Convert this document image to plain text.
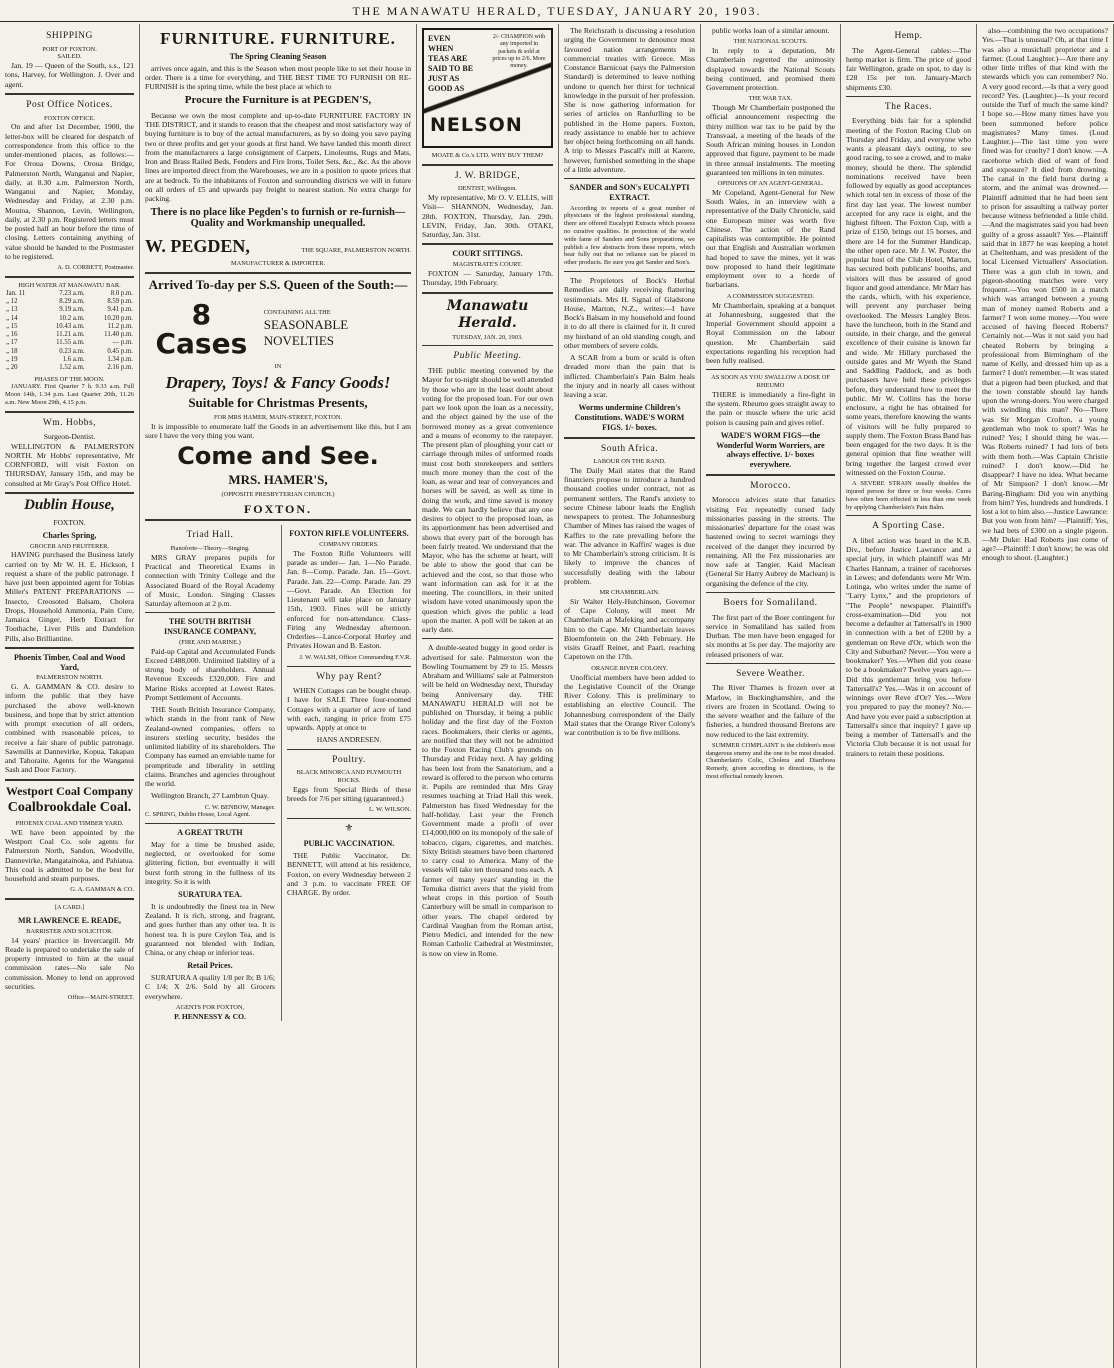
THE MANAWATU HERALD, TUESDAY, JANUARY 20, 1903.
SHIPPING
PORT OF FOXTON.
SAILED.

Jan. 19 — Queen of the South, s.s., 121 tons, Harvey, for Wellington. J. Over and agent.

Post Office Notices.
FOXTON OFFICE.

On and after 1st December, 1900, the letter-box will be cleared for despatch of correspondence from this office to the under-mentioned places, as follows:— For Oroua Downs, Oroua Bridge, Palmerston North, Wanganui and Napier, daily, at 8.30 a.m. Palmerston North, Wanganui and Napier, Monday, Wednesday and Friday, at 2.30 p.m. Moutoa, Shannon, Levin, Wellington, daily, at 2.30 p.m. Registered letters must be posted half an hour before the time of closing. Letters containing anything of value should be handed to the Postmaster to be registered.

A. D. CORBETT, Postmaster.
HIGH WATER AT MANAWATU BAR.
Jan. 11	7.23 a.m.	8.0 p.m.
„ 12	8.29 a.m.	8.59 p.m.
„ 13	9.19 a.m.	9.41 p.m.
„ 14	10.2 a.m.	10.20 p.m.
„ 15	10.43 a.m.	11.2 p.m.
„ 16	11.21 a.m.	11.40 p.m.
„ 17	11.55 a.m.	— p.m.
„ 18	0.23 a.m.	0.45 p.m.
„ 19	1.6 a.m.	1.34 p.m.
„ 20	1.52 a.m.	2.16 p.m.
PHASES OF THE MOON.

JANUARY. First Quarter 7 h. 9.33 a.m. Full Moon 14th, 1.34 p.m. Last Quarter 20th, 11.26 a.m. New Moon 29th, 4.15 p.m.

Wm. Hobbs,
Surgeon-Dentist.

WELLINGTON & PALMERSTON NORTH. Mr Hobbs' representative, Mr CORNFORD, will visit Foxton on THURSDAY, January 15th, and may be consulted at Mr Gray's Post Office Hotel.

Dublin House,
FOXTON.
Charles Spring,
GROCER AND FRUITERER.

HAVING purchased the Business lately carried on by Mr W. H. E. Hickson, I request a share of the public patronage. I have just been appointed agent for Tobias Miller's PATENT PREPARATIONS — Insecto, Creosoted Balsam, Cholera Drops, Household Ammonia, Pain Cure, Jamaica Ginger, Herb Extract for Toothache, Liver Pills and Dandelion Pills, also Brilliantine.

Phoenix Timber, Coal and Wood Yard,
PALMERSTON NORTH.

G. A. GAMMAN & CO. desire to inform the public that they have purchased the above well-known business, and hope that by strict attention with prompt execution of all orders, combined with reasonable prices, to receive a fair share of public patronage. Sawmills at Dannevirke, Kopua, Takapau and Tahoraite. Agents for the Wanganui Sash and Door Factory.

Westport Coal Company
Coalbrookdale Coal.
PHOENIX COAL AND TIMBER YARD.

WE have been appointed by the Westport Coal Co. sole agents for Palmerston North, Sandon, Woodville, Dannevirke, Mangatainoka, and Pahiatua. This coal is admitted to be the best for household and steam purposes.

G. A. GAMMAN & CO.
[A CARD.]
MR LAWRENCE E. READE,
BARRISTER AND SOLICITOR.

14 years' practice in Invercargill. Mr Reade is prepared to undertake the sale of property intrusted to him at the usual commission rates—No sale No commission. Money to lend on approved securities.

Office—MAIN-STREET.
FURNITURE. FURNITURE.
The Spring Cleaning Season

arrives once again, and this is the Season when most people like to set their house in order. There is a time for everything, and THE BEST TIME TO FURNISH OR RE-FURNISH is the spring time, while the best place at which to

Procure the Furniture is at PEGDEN'S,

Because we own the most complete and up-to-date FURNITURE FACTORY IN THE DISTRICT, and it stands to reason that the cheapest and most satisfactory way of buying furniture is to buy of the actual manufacturers, as by so doing you save paying two or three profits and get your goods at first hand. We have landed this month direct from the manufacturers a large consignment of Carpets, Linoleums, Rugs and Mats, Iron and Brass Railed Beds, Fenders and Fire Irons, Toilet Sets, &c., &c. As the above lines are imported direct from the Warehouses, we are in a position to quote prices that are at bedrock. To the inhabitants of Foxton and surrounding districts we will in future on all orders of £5 and upwards pay freight to nearest station. No extra charge for packing.

There is no place like Pegden's to furnish or re-furnish—Quality and Workmanship unequalled.
W. PEGDEN,	THE SQUARE, PALMERSTON NORTH.
MANUFACTURER & IMPORTER.
Arrived To-day per S.S. Queen of the South:—
8 Cases
CONTAINING ALL THE
SEASONABLE NOVELTIES
IN
Drapery, Toys! & Fancy Goods!
Suitable for Christmas Presents,
FOR MRS HAMER, MAIN-STREET, FOXTON.

It is impossible to enumerate half the Goods in an advertisement like this, but I am sure I have the very thing you want.

Come and See.
MRS. HAMER'S,
(OPPOSITE PRESBYTERIAN CHURCH.)
FOXTON.
Triad Hall.
Pianoforte—Theory—Singing.

MRS GRAY prepares pupils for Practical and Theoretical Exams in connection with Trinity College and the Associated Board of the Royal Academy of Music, London. Singing Classes Saturday afternoon at 2 p.m.

THE SOUTH BRITISH INSURANCE COMPANY,
(FIRE AND MARINE.)

Paid-up Capital and Accumulated Funds Exceed £488,000. Unlimited liability of a strong body of shareholders. Annual Revenue Exceeds £320,000. Fire and Marine Risks accepted at Lowest Rates. Prompt Settlement of Accounts.

THE South British Insurance Company, which stands in the front rank of New Zealand-owned companies, offers to insurers sterling security, besides the unlimited liability of its shareholders. The Company has earned an enviable name for promptitude and liberality in settling claims. Branches and agencies throughout the world.

Wellington Branch, 27 Lambton Quay.

C. W. BENBOW, Manager.
C. SPRING, Dublin House, Local Agent.
A GREAT TRUTH

May for a time be brushed aside, neglected, or overlooked for some glittering fiction, but eventually it will burst forth strong in the fullness of its integrity. So it is with

SURATURA TEA.

It is undoubtedly the finest tea in New Zealand. It is rich, strong, and fragrant, and goes further than any other tea. It is honest tea. It is pure Ceylon Tea, and is guaranteed not blended with Indian, China, or any cheap or inferior teas.

Retail Prices.

SURATURA A quality 1/8 per lb; B 1/6; C 1/4; X 2/6. Sold by all Grocers everywhere.

AGENTS FOR FOXTON,
P. HENNESSY & CO.
FOXTON RIFLE VOLUNTEERS.
COMPANY ORDERS.

The Foxton Rifle Volunteers will parade as under— Jan. 1—No Parade. Jan. 8—Comp. Parade. Jan. 15—Govt. Parade. Jan. 22—Comp. Parade. Jan. 29—Govt. Parade. An Election for Lieutenant will take place on January 15th, 1903. Fines will be strictly enforced for non-attendance. Class-Firing any Wednesday afternoon. Orderlies—Lance-Corporal Hurley and Privates Howan and B. Easton.

J. W. WALSH, Officer Commanding F.V.R.
Why pay Rent?

WHEN Cottages can be bought cheap. I have for SALE Three four-roomed Cottages with a quarter of acre of land with each, ranging in price from £75 upwards. Apply at once to

HANS ANDRESEN.
Poultry.
BLACK MINORCA AND PLYMOUTH ROCKS.

Eggs from Special Birds of these breeds for 7/6 per sitting (guaranteed.)

L. W. WILSON.
⚜
PUBLIC VACCINATION.

THE Public Vaccinator, Dr. BENNETT, will attend at his residence, Foxton, on every Wednesday between 2 and 3 p.m. to vaccinate FREE OF CHARGE. By order.

EVEN WHEN TEAS ARE SAID TO BE JUST AS GOOD AS
2/- CHAMPION with any imported in packets & sold at prices up to 2/6. More money.
NELSON
MOATE & Co.'s LTD. WHY BUY THEM?
J. W. BRIDGE,
DENTIST, Wellington.

My representative, Mr O. V. ELLIS, will Visit— SHANNON, Wednesday, Jan. 28th. FOXTON, Thursday, Jan. 29th. LEVIN, Friday, Jan. 30th. OTAKI, Saturday, Jan. 31st.

COURT SITTINGS.
MAGISTRATE'S COURT.

FOXTON — Saturday, January 17th. Thursday, 19th February.

Manawatu Herald.
TUESDAY, JAN. 20, 1903.
Public Meeting.

THE public meeting convened by the Mayor for to-night should be well attended by those who are in the least doubt about voting for the proposed loan. For our own part we look upon the loan as a necessity, and the object gained by the use of the borrowed money as a great convenience and a means of economy to the ratepayer. The present plan of ploughing your cart or carriage through miles of unformed roads must cost both storekeepers and settlers much more money than the cost of the loan, as wear and tear of conveyances and horses will be saved, as well as time in doing the work, and time saved is money made. We can hardly believe that any one desires to object to the proposed loan, as its apportionment has been advertised and shows that every part of the borough has been fairly treated. We understand that the Mayor, who has the scheme at heart, will be able to show the good that can be achieved and the cost, so that those who want information can ask for it at the meeting. The councillors, in their united wisdom have voted unanimously upon the question which gives the public a lead upon the matter. A poll will be taken at an early date.

A double-seated buggy in good order is advertised for sale. Palmerston won the Bowling Tournament by 29 to 15. Messrs Abraham and Williams' sale at Palmerston will be held on Wednesday next, Thursday being Anniversary day. THE MANAWATU HERALD will not be published on Thursday, it being a public holiday and the first day of the Foxton races. Bookmakers, their clerks or agents, are notified that they will not be admitted to the Foxton Racing Club's grounds on Thursday and Friday next. A hay gelding has been lost from the Sanatorium, and a reward is offered to the person who returns it. Pupils are reminded that Mrs Gray resumes teaching at Triad Hall this week. Palmerston has fixed Wednesday for the half-holiday. Last year the French Government made a profit of over £14,000,000 on its monopoly of the sale of tobacco, cigars, cigarettes, and matches. Sixty British steamers have been chartered to carry coal to America. Many of the vessels will take ten thousand tons each. A farmer of many years' standing in the Temuka district avers that the yield from wheat crops in this portion of South Canterbury will be small in comparison to other years. The chapel ordered by Cardinal Vaughan from the Roman artist, Pietro Medici, and intended for the new Roman Catholic Cathedral at Westminster, is now on view in Rome.

The Reichsrath is discussing a resolution urging the Government to denounce most favoured nation arrangements in commercial treaties with Greece. Miss Constance Barnicoat (says the Palmerston Standard) is determined to leave nothing undone to quench her thirst for technical knowledge in the pursuit of her profession. She is now gathering information for series of articles on Ranfurlling to be published in the Home papers. Foxton, ready assistance to enable her to achieve her object being forthcoming on all hands. A trip to Messrs Pascall's mill at Karere, however, furnished something in the shape of a little adventure.

SANDER and SON's EUCALYPTI EXTRACT.

According to reports of a great number of physicians of the highest professional standing, there are offered Eucalypti Extracts which possess no curative qualities. In protection of the world wide fame of Sanders and Sons preparations, we publish a few abstracts from these reports, which bear fully out that no reliance can be placed in other products. Be sure you get Sander and Son's.

The Proprietors of Bock's Herbal Remedies are daily receiving flattering testimonials. Mrs H. Signal of Gladstone House, Marton, N.Z., writes:—I have Bock's Balsam in my household and found it to do all there is claimed for it. It cured my husband of an old standing cough, and other members of severe colds.

A SCAR from a burn or scald is often dreaded more than the pain that is inflicted. Chamberlain's Pain Balm heals the injury and in nearly all cases without leaving a scar.

Worms undermine Children's Constitutions. WADE'S WORM FIGS. 1/- boxes.
South Africa.
LABOUR ON THE RAND.

The Daily Mail states that the Rand financiers propose to introduce a hundred thousand coolies under contract, not as permanent settlers. The Rand's anxiety to secure Chinese labour leads the English newspapers to protest. The Johannesburg Chamber of Mines has raised the wages of Kaffirs to the rate prevailing before the war. The advance in Kaffirs' wages is due to Mr Chamberlain's strong criticism. It is likely to improve the chances of successfully dealing with the labour problem.

MR CHAMBERLAIN.

Sir Walter Hely-Hutchinson, Governor of Cape Colony, will meet Mr Chamberlain at Mafeking and accompany him to the Cape. Mr Chamberlain leaves Bloemfontein on the 24th February. He visits Graaff Reinet, and Paarl, reaching Capetown on the 17th.

ORANGE RIVER COLONY.

Unofficial members have been added to the Legislative Council of the Orange River Colony. This is preliminary to establishing an elective Council. The Johannesburg correspondent of the Daily Mail states that the Orange River Colony's war contribution is to be five millions.

public works loan of a similar amount.

THE NATIONAL SCOUTS.

In reply to a deputation, Mr Chamberlain regretted the animosity displayed towards the National Scouts being continued, and promised them Government protection.

THE WAR TAX.

Though Mr Chamberlain postponed the official announcement respecting the thirty million war tax to be paid by the Transvaal, a meeting of the heads of the South African mining houses in London approved that figure, payment to be made in three annual instalments. The meeting guaranteed ten millions in ten minutes.

OPINIONS OF AN AGENT-GENERAL.

Mr Copeland, Agent-General for New South Wales, in an interview with a representative of the Daily Chronicle, said one European miner was worth five Chinese. The action of the Rand capitalists was contemptible. He pointed out that English and Australian workmen had hoped to save the mines, yet it was now proposed to hand their legitimate employment over to a horde of barbarians.

A COMMISSION SUGGESTED.

Mr Chamberlain, speaking at a banquet at Johannesburg, suggested that the Imperial Government should appoint a Royal Commission on the labour question. Mr Chamberlain said expectations regarding his reception had been fully realised.

AS SOON AS YOU SWALLOW A DOSE OF RHEUMO

THERE is immediately a fire-fight in the system. Rheumo goes straight away to the pain or muscle where the uric acid poison is causing pain and gives relief.

WADE'S WORM FIGS—the Wonderful Worm Worriers, are always effective. 1/- boxes everywhere.
Morocco.

Morocco advices state that fanatics visiting Fez repeatedly cursed lady missionaries passing in the streets. The missionaries' departure for the coast was hastened owing to secret warnings they received of the danger they incurred by remaining. All the Fez missionaries are now safe at Tangier. Kaid Maclean (General Sir Harry Aubrey de Maclean) is organising the defence of the city.

Boers for Somaliland.

The first part of the Boer contingent for service in Somaliland has sailed from Durban. The men have been engaged for six months at 5s per day. The majority are released prisoners of war.

Severe Weather.

The River Thames is frozen over at Marlow, in Buckinghamshire, and the rivers are frozen in Scotland. Owing to the severe weather and the failure of the fisheries, a hundred thousand Bretons are now reduced to the last extremity.

SUMMER COMPLAINT is the children's most dangerous enemy and the one to be most dreaded. Chamberlain's Colic, Cholera and Diarrhoea Remedy, given according to directions, is the most effectual remedy known.

Hemp.

The Agent-General cables:—The hemp market is firm. The price of good fair Wellington, grade on spot, to day is £28 15s per ton. January-March shipments £30.

The Races.

Everything bids fair for a splendid meeting of the Foxton Racing Club on Thursday and Friday, and everyone who wants a pleasant day's outing, to see good racing, to see a crowd, and to make money, should be there. The splendid nominations received have been followed by equally as good acceptances which total ten in excess of those of the first day last year. The lowest number accepted for any race is eight, and the highest fifteen. The Foxton Cup, with a prize of £150, brings out 15 horses, and there are 14 for the Summer Handicap, the other open race. Mr J. W. Poster, the popular host of the Club Hotel, Marton, has secured both publicans' booths, and visitors will thus be assured of good liquor and good attendance. Mr Marr has the cards, which, with his experience, will prevent any purchaser being overlooked. The Messrs Langley Bros. have the luncheon, both in the Stand and outside, in their charge, and the general excellence of their cuisine is known far and wide. Mr Hillary purchased the outside gates and Mr Wyeth the Stand and Saddling Paddock, and as both purchasers have held these privileges before, they understand how to meet the public. Mr W. Collins has the horse enclosure, a right he has obtained for some years, therefore knowing the wants of visitors will be fully prepared to supply them. The Foxton Brass Band has been engaged for the two days. It is the general opinion that fine weather will bring together the largest crowd ever witnessed on the Foxton Course.

A SEVERE STRAIN usually disables the injured person for three or four weeks. Cures have often been effected in less than one week by applying Chamberlain's Pain Balm.

A Sporting Case.

A libel action was heard in the K.B. Div., before Justice Lawrance and a special jury, in which plaintiff was Mr Charles Hannam, a trainer of racehorses in Lewes; and defendants were Mr Wm. Lotinga, who writes under the name of "Larry Lynx," and the proprietors of "The People" newspaper. Plaintiff's cross-examination—Did you not become a defaulter at Tattersall's in 1900 in connection with a bet of £200 by a gentleman on Reve d'Or, which won the City and Suburban? Never.—You were a bookmaker? Yes.—When did you cease to be a bookmaker? Twelve years ago.—Did this gentleman bring you before Tattersall's? Yes.—Was it on account of winnings over Reve d'Or? Yes.—Were you prepared to pay the money? No.—And have you ever paid a subscription at Tattersall's since that inquiry? I gave up being a member of Tattersall's and the Victoria Club because it is not usual for trainers to retain these positions.

also—combining the two occupations? Yes.—That is unusual? Oh, at that time I was also a musichall proprietor and a farmer. (Loud Laughter.)—Are there any other little trifles of that kind with the stewards which you can remember? No. A very good record.—Is that a very good record? Yes. (Laughter.)—Is your record outside the Turf of much the same kind? I hope so.—How many times have you been summoned before police magistrates? Many times. (Loud Laughter.)—The last time you were fined was for cruelty? I don't know. —A racehorse which died of want of food and exposure? It died from drowning. The canal in the field burst during a storm, and the animal was drowned.—Plaintiff admitted that he had been sent to prison for assaulting a railway porter because witness befriended a little child.—And the magistrates said you had been guilty of a gross assault? Yes.—Plaintiff said that in 1877 he was keeping a hotel at Cheltenham, and was president of the local Licensed Victuallers' Association. There was a gun club in town, and pigeon-shooting matches were very frequent.—You won £500 in a match which was arranged between a young man of money named Roberts and a farmer? I won some money.—You were accused of having fleeced Roberts? Certainly not.—Was it not said you had cheated Roberts by bringing a professional from Birmingham of the name of Kelly, and dressed him up as a farmer? I don't remember.—It was stated that a pigeon had been plucked, and that the town constable should lay hands upon the wrong-doers. You were charged with swindling this man? No—There was Sir Morgan Crofton, a young gentleman who took to sport? Was he ruined? Yes; I should thing he was.—Was Roberts ruined? I had lots of bets with them both.—Was Captain Christie ruined? I don't know.—Did he disappear? I have no idea. What became of Mr Simpson? I don't know.—Mr Baring-Bingham: Did you win anything from him? Yes, hundreds and hundreds. I lost a lot to him also.—Justice Lawrance: But you won from him? —Plaintiff: Yes, we had bets of £300 on a single pigeon.—Mr Duke: Had Roberts just come of age?—Plaintiff: I don't know; he was old enough to shoot. (Laughter.)
